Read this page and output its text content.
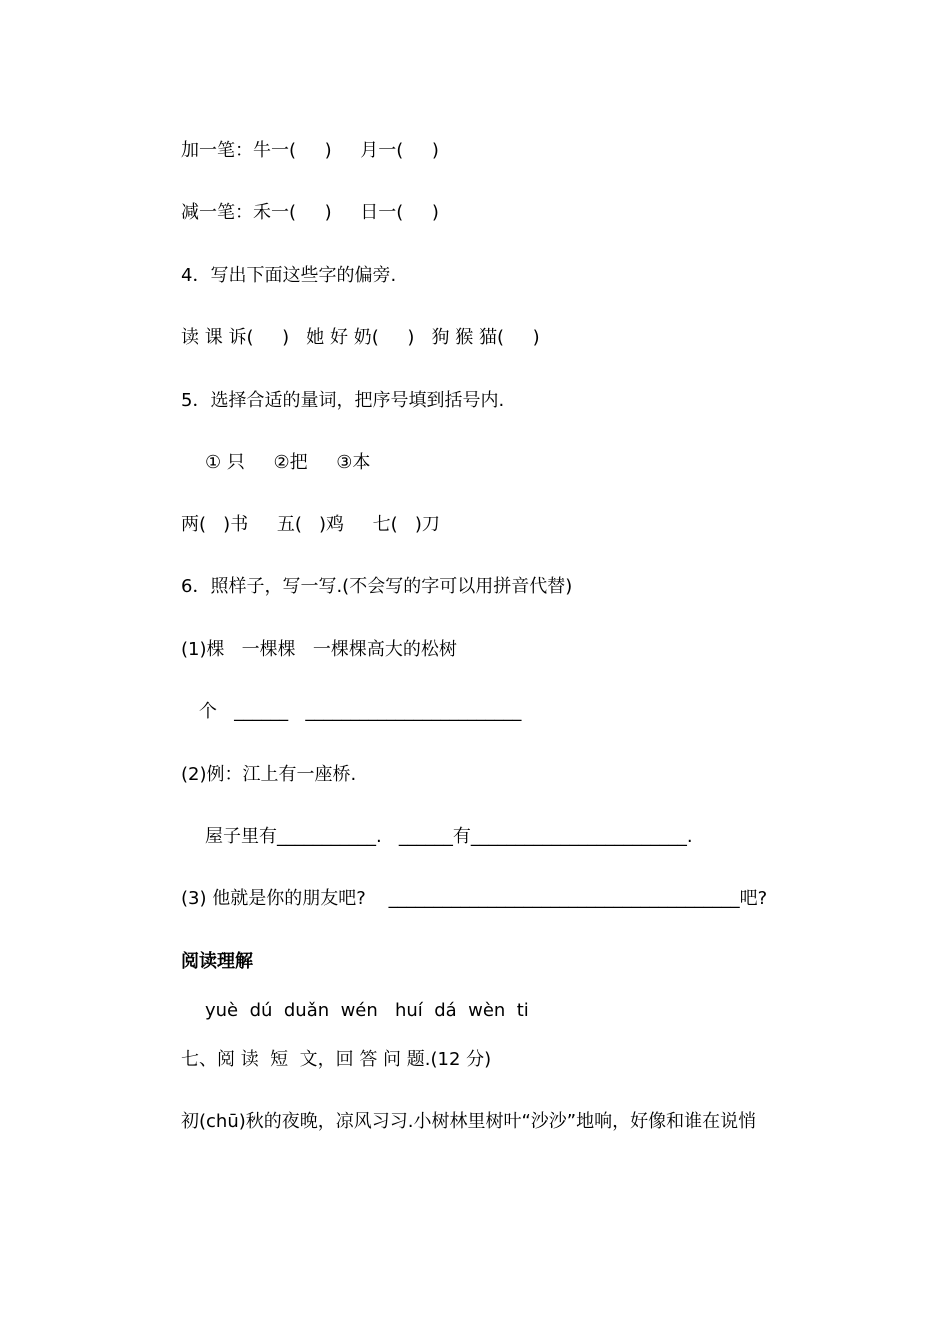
加一笔：牛一(     )     月一(     )
减一笔：禾一(     )     日一(     )
4．写出下面这些字的偏旁.
读 课 诉(     )   她 好 奶(     )   狗 猴 猫(     )
5．选择合适的量词，把序号填到括号内.
① 只     ②把     ③本
两(   )书     五(   )鸡     七(   )刀
6．照样子，写一写.(不会写的字可以用拼音代替)
(1)棵   一棵棵   一棵棵高大的松树
个   ______   ________________________
(2)例：江上有一座桥.
屋子里有___________.   ______有________________________.
(3) 他就是你的朋友吧?    _______________________________________吧?
阅读理解
yuè  dú  duǎn  wén   huí  dá  wèn  ti
七、阅 读  短  文，回 答 问 题.(12 分)
初(chū)秋的夜晚，凉风习习.小树林里树叶“沙沙”地响，好像和谁在说悄
